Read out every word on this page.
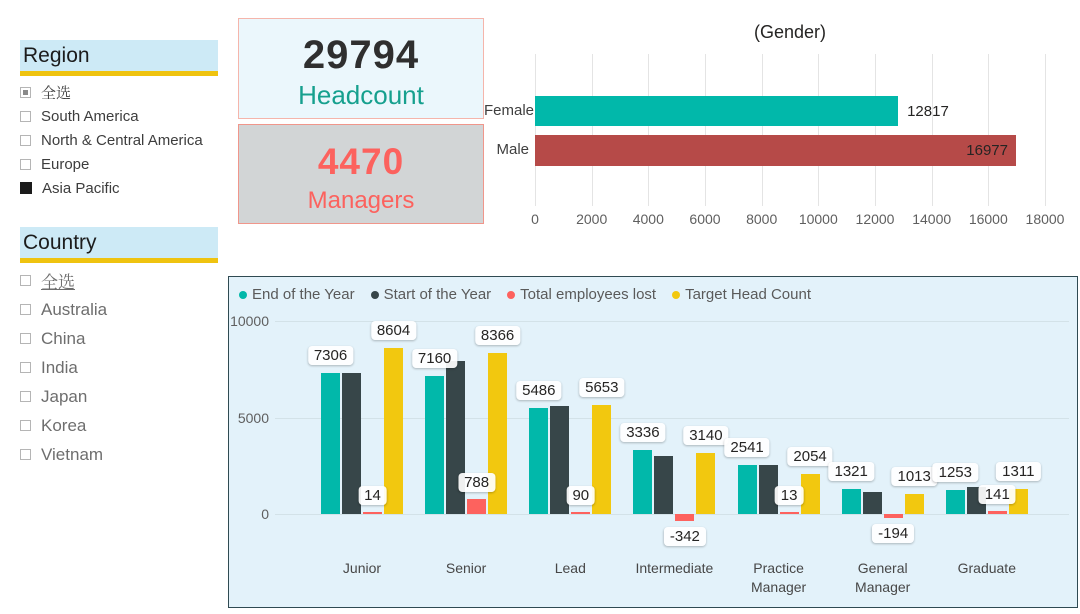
Region
全选
South America
North & Central America
Europe
Asia Pacific
Country
全选
Australia
China
India
Japan
Korea
Vietnam
29794
Headcount
4470
Managers
(Gender)
0	2000	4000	6000	8000	10000	12000	14000	16000	18000
Female	12817
Male	16977
End of the Year Start of the Year Total employees lost Target Head Count
0
5000
10000
Junior
7306
8604
14
Senior
7160
8366
788
Lead
5486	5653
90
Intermediate
3336	3140
-342
Practice Manager
2541
2054
13
General Manager
1321	1013
-194
Graduate
1253	1311
141
